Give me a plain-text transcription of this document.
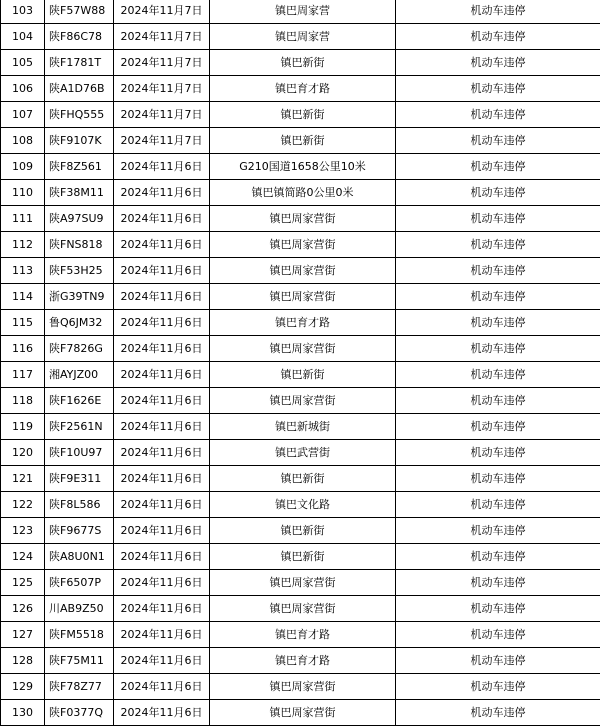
103	陕F57W88	2024年11月7日	镇巴周家营	机动车违停
104	陕F86C78	2024年11月7日	镇巴周家营	机动车违停
105	陕F1781T	2024年11月7日	镇巴新街	机动车违停
106	陕A1D76B	2024年11月7日	镇巴育才路	机动车违停
107	陕FHQ555	2024年11月7日	镇巴新街	机动车违停
108	陕F9107K	2024年11月7日	镇巴新街	机动车违停
109	陕F8Z561	2024年11月6日	G210国道1658公里10米	机动车违停
110	陕F38M11	2024年11月6日	镇巴镇简路0公里0米	机动车违停
111	陕A97SU9	2024年11月6日	镇巴周家营街	机动车违停
112	陕FNS818	2024年11月6日	镇巴周家营街	机动车违停
113	陕F53H25	2024年11月6日	镇巴周家营街	机动车违停
114	浙G39TN9	2024年11月6日	镇巴周家营街	机动车违停
115	鲁Q6JM32	2024年11月6日	镇巴育才路	机动车违停
116	陕F7826G	2024年11月6日	镇巴周家营街	机动车违停
117	湘AYJZ00	2024年11月6日	镇巴新街	机动车违停
118	陕F1626E	2024年11月6日	镇巴周家营街	机动车违停
119	陕F2561N	2024年11月6日	镇巴新城街	机动车违停
120	陕F10U97	2024年11月6日	镇巴武营街	机动车违停
121	陕F9E311	2024年11月6日	镇巴新街	机动车违停
122	陕F8L586	2024年11月6日	镇巴文化路	机动车违停
123	陕F9677S	2024年11月6日	镇巴新街	机动车违停
124	陕A8U0N1	2024年11月6日	镇巴新街	机动车违停
125	陕F6507P	2024年11月6日	镇巴周家营街	机动车违停
126	川AB9Z50	2024年11月6日	镇巴周家营街	机动车违停
127	陕FM5518	2024年11月6日	镇巴育才路	机动车违停
128	陕F75M11	2024年11月6日	镇巴育才路	机动车违停
129	陕F78Z77	2024年11月6日	镇巴周家营街	机动车违停
130	陕F0377Q	2024年11月6日	镇巴周家营街	机动车违停
